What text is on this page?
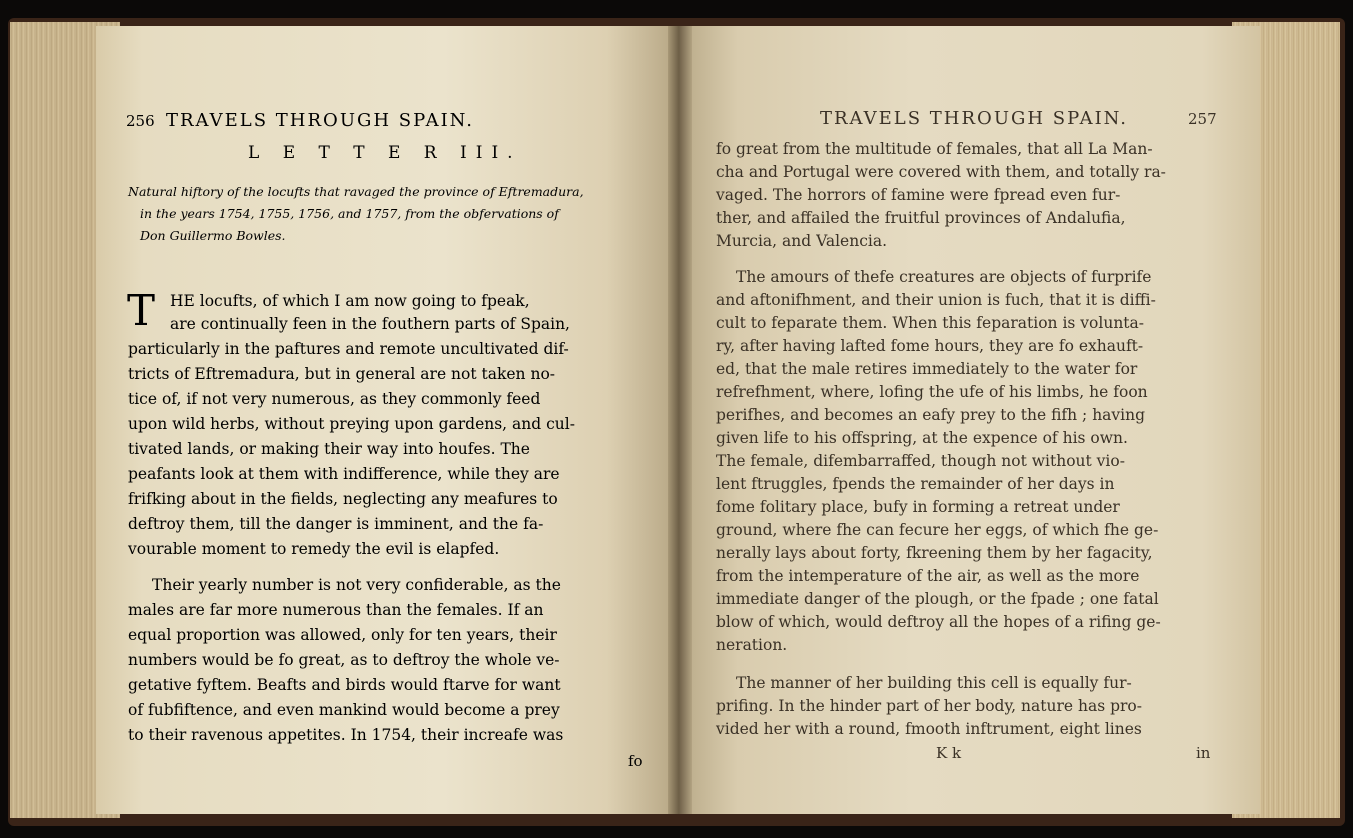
256 TRAVELS THROUGH SPAIN.
L E T T E R III.
Natural hiftory of the locufts that ravaged the province of Eftremadura,
in the years 1754, 1755, 1756, and 1757, from the obfervations of
Don Guillermo Bowles.
T HE locufts, of which I am now going to fpeak,
are continually feen in the fouthern parts of Spain,
particularly in the paftures and remote uncultivated dif-
tricts of Eftremadura, but in general are not taken no-
tice of, if not very numerous, as they commonly feed
upon wild herbs, without preying upon gardens, and cul-
tivated lands, or making their way into houfes. The
peafants look at them with indifference, while they are
frifking about in the fields, neglecting any meafures to
deftroy them, till the danger is imminent, and the fa-
vourable moment to remedy the evil is elapfed.
Their yearly number is not very confiderable, as the
males are far more numerous than the females. If an
equal proportion was allowed, only for ten years, their
numbers would be fo great, as to deftroy the whole ve-
getative fyftem. Beafts and birds would ftarve for want
of fubfiftence, and even mankind would become a prey
to their ravenous appetites. In 1754, their increafe was
fo
TRAVELS THROUGH SPAIN.	257
fo great from the multitude of females, that all La Man-
cha and Portugal were covered with them, and totally ra-
vaged. The horrors of famine were fpread even fur-
ther, and affailed the fruitful provinces of Andalufia,
Murcia, and Valencia.
The amours of thefe creatures are objects of furprife
and aftonifhment, and their union is fuch, that it is diffi-
cult to feparate them. When this feparation is volunta-
ry, after having lafted fome hours, they are fo exhauft-
ed, that the male retires immediately to the water for
refrefhment, where, lofing the ufe of his limbs, he foon
perifhes, and becomes an eafy prey to the fifh ; having
given life to his offspring, at the expence of his own.
The female, difembarraffed, though not without vio-
lent ftruggles, fpends the remainder of her days in
fome folitary place, bufy in forming a retreat under
ground, where fhe can fecure her eggs, of which fhe ge-
nerally lays about forty, fkreening them by her fagacity,
from the intemperature of the air, as well as the more
immediate danger of the plough, or the fpade ; one fatal
blow of which, would deftroy all the hopes of a rifing ge-
neration.
The manner of her building this cell is equally fur-
prifing. In the hinder part of her body, nature has pro-
vided her with a round, fmooth inftrument, eight lines
K k	in
